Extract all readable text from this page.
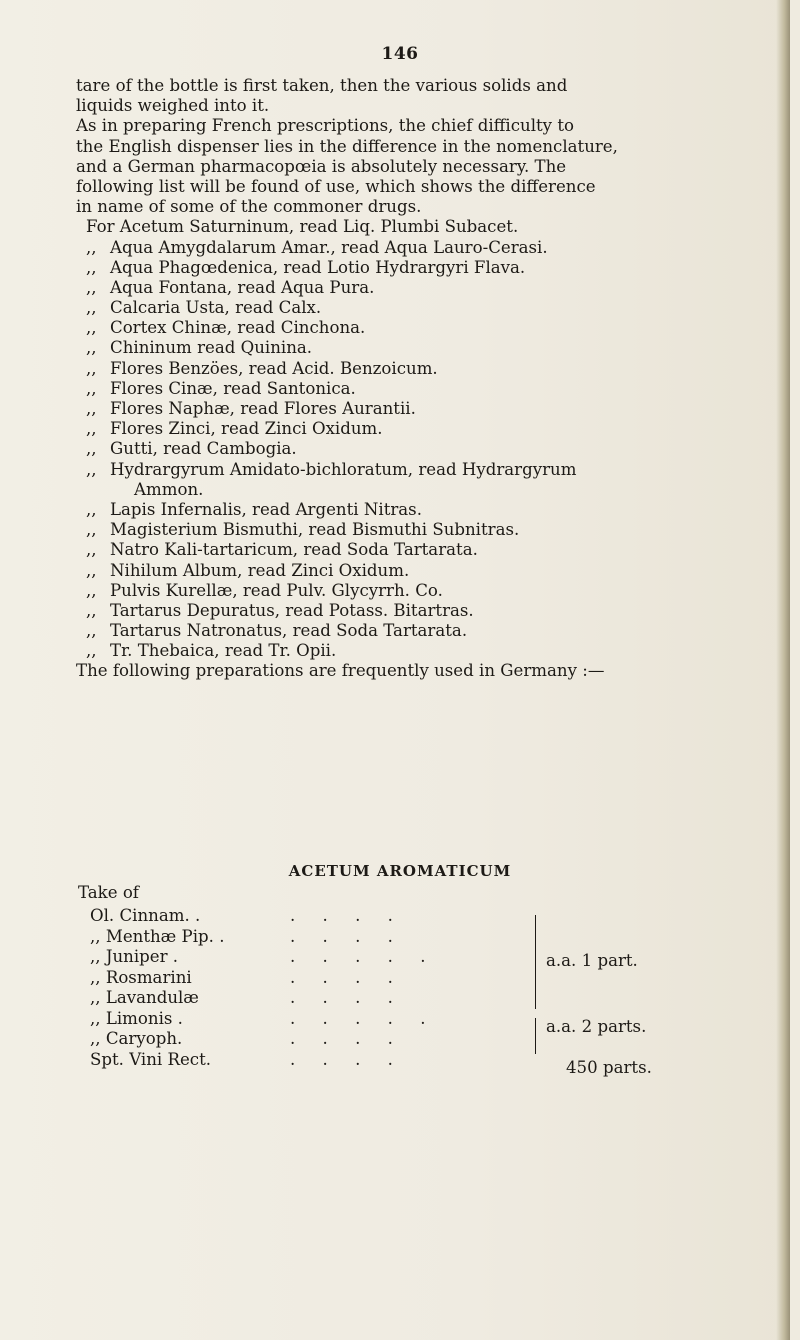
146
tare of the bottle is first taken, then the various solids and
liquids weighed into it.
As in preparing French prescriptions, the chief difficulty to
the English dispenser lies in the difference in the nomenclature,
and a German pharmacopœia is absolutely necessary. The
following list will be found of use, which shows the difference
in name of some of the commoner drugs.
For Acetum Saturninum, read Liq. Plumbi Subacet.
,, Aqua Amygdalarum Amar., read Aqua Lauro-Cerasi.
,, Aqua Phagœdenica, read Lotio Hydrargyri Flava.
,, Aqua Fontana, read Aqua Pura.
,, Calcaria Usta, read Calx.
,, Cortex Chinæ, read Cinchona.
,, Chininum read Quinina.
,, Flores Benzöes, read Acid. Benzoicum.
,, Flores Cinæ, read Santonica.
,, Flores Naphæ, read Flores Aurantii.
,, Flores Zinci, read Zinci Oxidum.
,, Gutti, read Cambogia.
,, Hydrargyrum Amidato-bichloratum, read Hydrargyrum
Ammon.
,, Lapis Infernalis, read Argenti Nitras.
,, Magisterium Bismuthi, read Bismuthi Subnitras.
,, Natro Kali-tartaricum, read Soda Tartarata.
,, Nihilum Album, read Zinci Oxidum.
,, Pulvis Kurellæ, read Pulv. Glycyrrh. Co.
,, Tartarus Depuratus, read Potass. Bitartras.
,, Tartarus Natronatus, read Soda Tartarata.
,, Tr. Thebaica, read Tr. Opii.
The following preparations are frequently used in Germany :—
ACETUM AROMATICUM
Take of
Ol. Cinnam. .	. . . .
,, Menthæ Pip. .	. . . .
,, Juniper .	. . . . .
,, Rosmarini	. . . .
,, Lavandulæ	. . . .
,, Limonis .	. . . . .
,, Caryoph.	. . . .
Spt. Vini Rect.	. . . .
a.a. 1 part.
a.a. 2 parts.
450 parts.
